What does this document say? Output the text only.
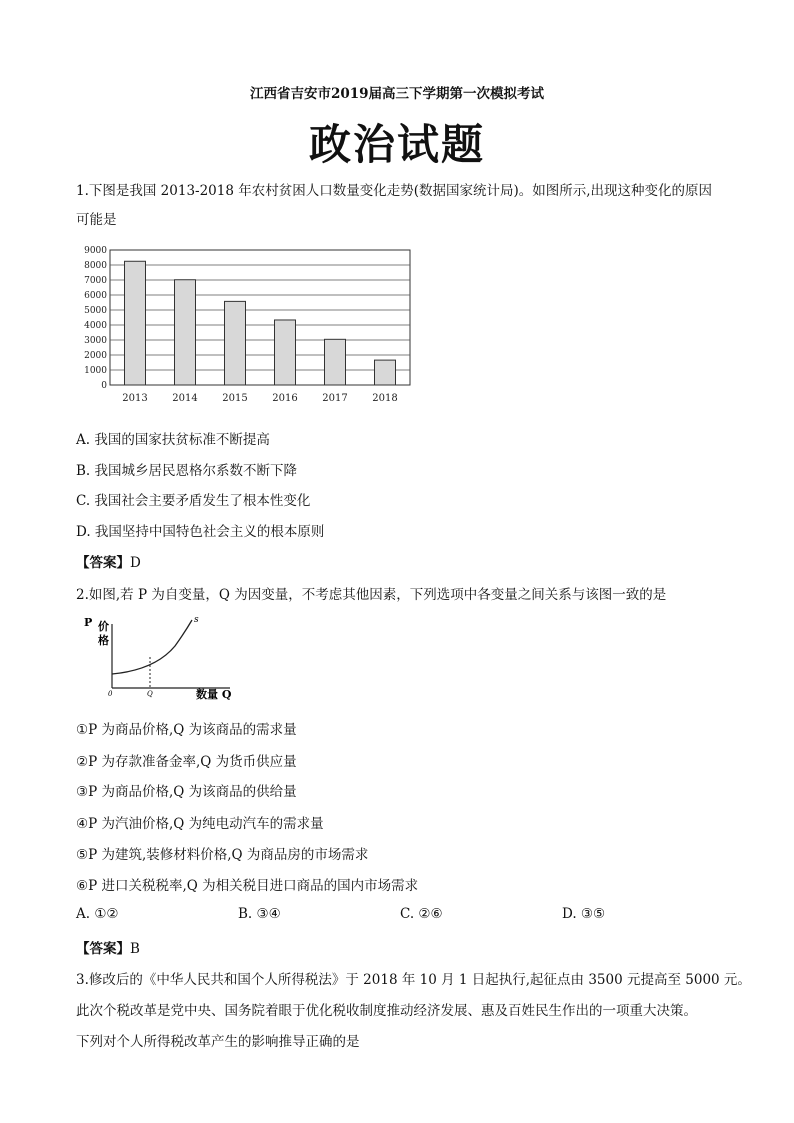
江西省吉安市2019届高三下学期第一次模拟考试
政治试题
1.下图是我国 2013-2018 年农村贫困人口数量变化走势(数据国家统计局)。如图所示,出现这种变化的原因
可能是
0
1000
2000
3000
4000
5000
6000
7000
8000
9000
2013 2014 2015 2016 2017 2018
A. 我国的国家扶贫标准不断提高
B. 我国城乡居民恩格尔系数不断下降
C. 我国社会主要矛盾发生了根本性变化
D. 我国坚持中国特色社会主义的根本原则
【答案】D
2.如图,若 P 为自变量，Q 为因变量，不考虑其他因素，下列选项中各变量之间关系与该图一致的是
P 价
格
s
0	Q	数量 Q
①P 为商品价格,Q 为该商品的需求量
②P 为存款准备金率,Q 为货币供应量
③P 为商品价格,Q 为该商品的供给量
④P 为汽油价格,Q 为纯电动汽车的需求量
⑤P 为建筑,装修材料价格,Q 为商品房的市场需求
⑥P 进口关税税率,Q 为相关税目进口商品的国内市场需求
A. ①②	B. ③④	C. ②⑥	D. ③⑤
【答案】B
3.修改后的《中华人民共和国个人所得税法》于 2018 年 10 月 1 日起执行,起征点由 3500 元提高至 5000 元。
此次个税改革是党中央、国务院着眼于优化税收制度推动经济发展、惠及百姓民生作出的一项重大决策。
下列对个人所得税改革产生的影响推导正确的是
